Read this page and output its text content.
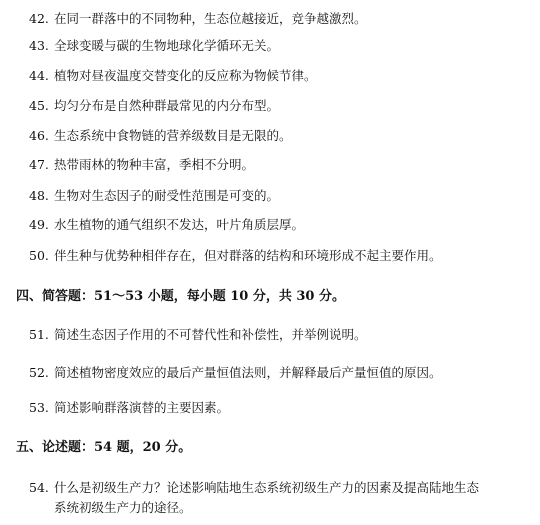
42. 在同一群落中的不同物种，生态位越接近，竞争越激烈。
43. 全球变暖与碳的生物地球化学循环无关。
44. 植物对昼夜温度交替变化的反应称为物候节律。
45. 均匀分布是自然种群最常见的内分布型。
46. 生态系统中食物链的营养级数目是无限的。
47. 热带雨林的物种丰富，季相不分明。
48. 生物对生态因子的耐受性范围是可变的。
49. 水生植物的通气组织不发达，叶片角质层厚。
50. 伴生种与优势种相伴存在，但对群落的结构和环境形成不起主要作用。
四、简答题：51～53 小题，每小题 10 分，共 30 分。
51. 简述生态因子作用的不可替代性和补偿性，并举例说明。
52. 简述植物密度效应的最后产量恒值法则，并解释最后产量恒值的原因。
53. 简述影响群落演替的主要因素。
五、论述题：54 题，20 分。
54. 什么是初级生产力？论述影响陆地生态系统初级生产力的因素及提高陆地生态
系统初级生产力的途径。
